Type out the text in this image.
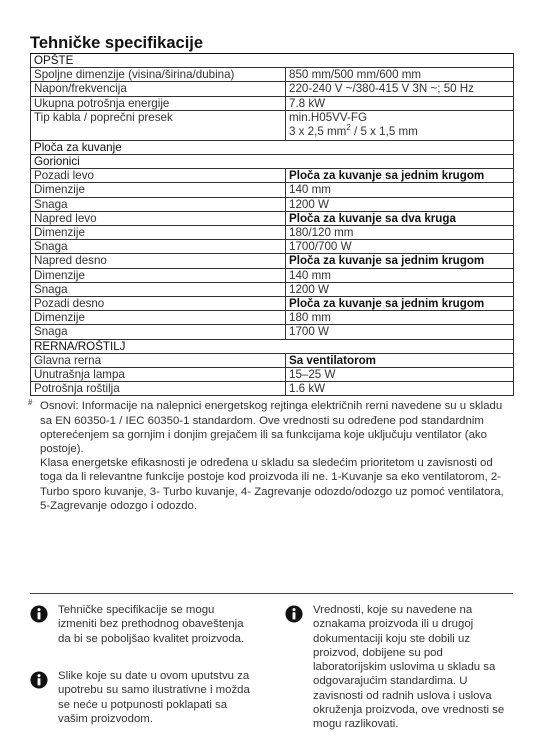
Tehničke specifikacije
OPŠTE	
Spoljne dimenzije (visina/širina/dubina)	850 mm/500 mm/600 mm
Napon/frekvencija	220-240 V ~/380-415 V 3N ~; 50 Hz
Ukupna potrošnja energije	7.8 kW
Tip kabla / poprečni presek	min.H05VV-FG
3 x 2,5 $mm^2 / 5$ x 1,5 mm
Ploča za kuvanje	
Gorionici	
Pozadi levo	Ploča za kuvanje sa jednim krugom
Dimenzije	140 mm
Snaga	1200 W
Napred levo	Ploča za kuvanje sa dva kruga
Dimenzije	180/120 mm
Snaga	1700/700 W
Napred desno	Ploča za kuvanje sa jednim krugom
Dimenzije	140 mm
Snaga	1200 W
Pozadi desno	Ploča za kuvanje sa jednim krugom
Dimenzije	180 mm
Snaga	1700 W
RERNA/ROŠTILJ	
Glavna rerna	Sa ventilatorom
Unutrašnja lampa	15–25 W
Potrošnja roštilja	1.6 kW
# Osnovi: Informacije na nalepnici energetskog rejtinga električnih rerni navedene su u skladu sa EN 60350-1 / IEC 60350-1 standardom. Ove vrednosti su određene pod standardnim opterećenjem sa gornjim i donjim grejačem ili sa funkcijama koje uključuju ventilator (ako postoje).

Klasa energetske efikasnosti je određena u skladu sa sledećim prioritetom u zavisnosti od toga da li relevantne funkcije postoje kod proizvoda ili ne. 1-Kuvanje sa eko ventilatorom, 2- Turbo sporo kuvanje, 3- Turbo kuvanje, 4- Zagrevanje odozdo/odozgo uz pomoć ventilatora, 5-Zagrevanje odozgo i odozdo.

Tehničke specifikacije se mogu izmeniti bez prethodnog obaveštenja da bi se poboljšao kvalitet proizvoda.
Slike koje su date u ovom uputstvu za upotrebu su samo ilustrativne i možda se neće u potpunosti poklapati sa vašim proizvodom.
Vrednosti, koje su navedene na oznakama proizvoda ili u drugoj dokumentaciji koju ste dobili uz proizvod, dobijene su pod laboratorijskim uslovima u skladu sa odgovarajućim standardima. U zavisnosti od radnih uslova i uslova okruženja proizvoda, ove vrednosti se mogu razlikovati.
